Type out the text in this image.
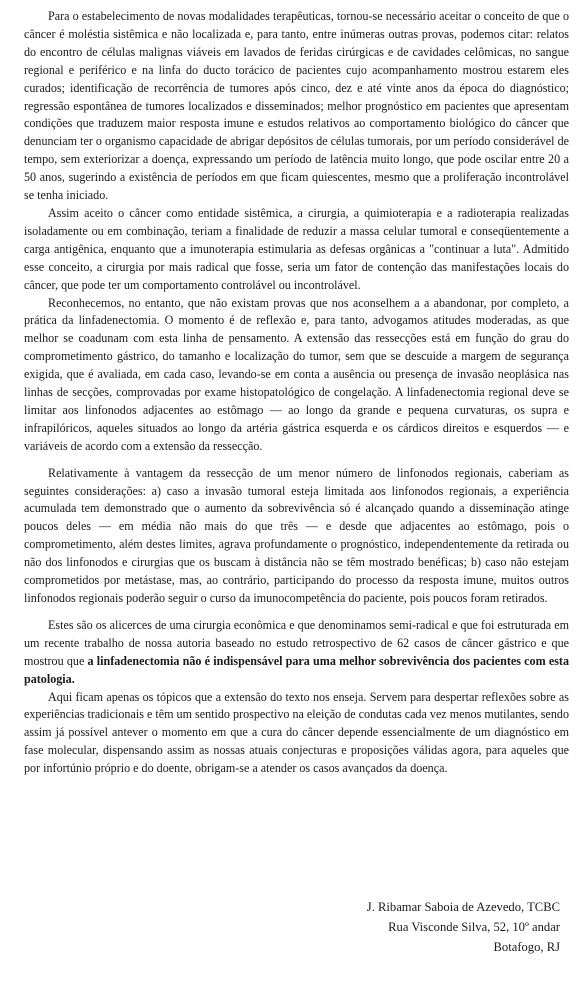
Para o estabelecimento de novas modalidades terapêuticas, tornou-se necessário aceitar o conceito de que o câncer é moléstia sistêmica e não localizada e, para tanto, entre inúmeras outras provas, podemos citar: relatos do encontro de células malignas viáveis em lavados de feridas cirúrgicas e de cavidades celômicas, no sangue regional e periférico e na linfa do ducto torácico de pacientes cujo acompanhamento mostrou estarem eles curados; identificação de recorrência de tumores após cinco, dez e até vinte anos da época do diagnóstico; regressão espontânea de tumores localizados e disseminados; melhor prognóstico em pacientes que apresentam condições que traduzem maior resposta imune e estudos relativos ao comportamento biológico do câncer que denunciam ter o organismo capacidade de abrigar depósitos de células tumorais, por um período considerável de tempo, sem exteriorizar a doença, expressando um período de latência muito longo, que pode oscilar entre 20 a 50 anos, sugerindo a existência de períodos em que ficam quiescentes, mesmo que a proliferação incontrolável se tenha iniciado.

Assim aceito o câncer como entidade sistêmica, a cirurgia, a quimioterapia e a radioterapia realizadas isoladamente ou em combinação, teriam a finalidade de reduzir a massa celular tumoral e conseqüentemente a carga antigênica, enquanto que a imunoterapia estimularia as defesas orgânicas a "continuar a luta". Admitido esse conceito, a cirurgia por mais radical que fosse, seria um fator de contenção das manifestações locais do câncer, que pode ter um comportamento controlável ou incontrolável.

Reconhecemos, no entanto, que não existam provas que nos aconselhem a a abandonar, por completo, a prática da linfadenectomia. O momento é de reflexão e, para tanto, advogamos atitudes moderadas, as que melhor se coadunam com esta linha de pensamento. A extensão das ressecções está em função do grau do comprometimento gástrico, do tamanho e localização do tumor, sem que se descuide a margem de segurança exigida, que é avaliada, em cada caso, levando-se em conta a ausência ou presença de invasão neoplásica nas linhas de secções, comprovadas por exame histopatológico de congelação. A linfadenectomia regional deve se limitar aos linfonodos adjacentes ao estômago — ao longo da grande e pequena curvaturas, os supra e infrapilóricos, aqueles situados ao longo da artéria gástrica esquerda e os cárdicos direitos e esquerdos — e variáveis de acordo com a extensão da ressecção.

Relativamente à vantagem da ressecção de um menor número de linfonodos regionais, caberiam as seguintes considerações: a) caso a invasão tumoral esteja limitada aos linfonodos regionais, a experiência acumulada tem demonstrado que o aumento da sobrevivência só é alcançado quando a disseminação atinge poucos deles — em média não mais do que três — e desde que adjacentes ao estômago, pois o comprometimento, além destes limites, agrava profundamente o prognóstico, independentemente da retirada ou não dos linfonodos e cirurgias que os buscam à distância não se têm mostrado benéficas; b) caso não estejam comprometidos por metástase, mas, ao contrário, participando do processo da resposta imune, muitos outros linfonodos regionais poderão seguir o curso da imunocompetência do paciente, pois poucos foram retirados.

Estes são os alicerces de uma cirurgia econômica e que denominamos semi-radical e que foi estruturada em um recente trabalho de nossa autoria baseado no estudo retrospectivo de 62 casos de câncer gástrico e que mostrou que a linfadenectomia não é indispensável para uma melhor sobrevivência dos pacientes com esta patologia.

Aqui ficam apenas os tópicos que a extensão do texto nos enseja. Servem para despertar reflexões sobre as experiências tradicionais e têm um sentido prospectivo na eleição de condutas cada vez menos mutilantes, sendo assim já possível antever o momento em que a cura do câncer depende essencialmente de um diagnóstico em fase molecular, dispensando assim as nossas atuais conjecturas e proposições válidas agora, para aqueles que por infortúnio próprio e do doente, obrigam-se a atender os casos avançados da doença.

J. Ribamar Saboia de Azevedo, TCBC
Rua Visconde Silva, 52, 10º andar
Botafogo, RJ
